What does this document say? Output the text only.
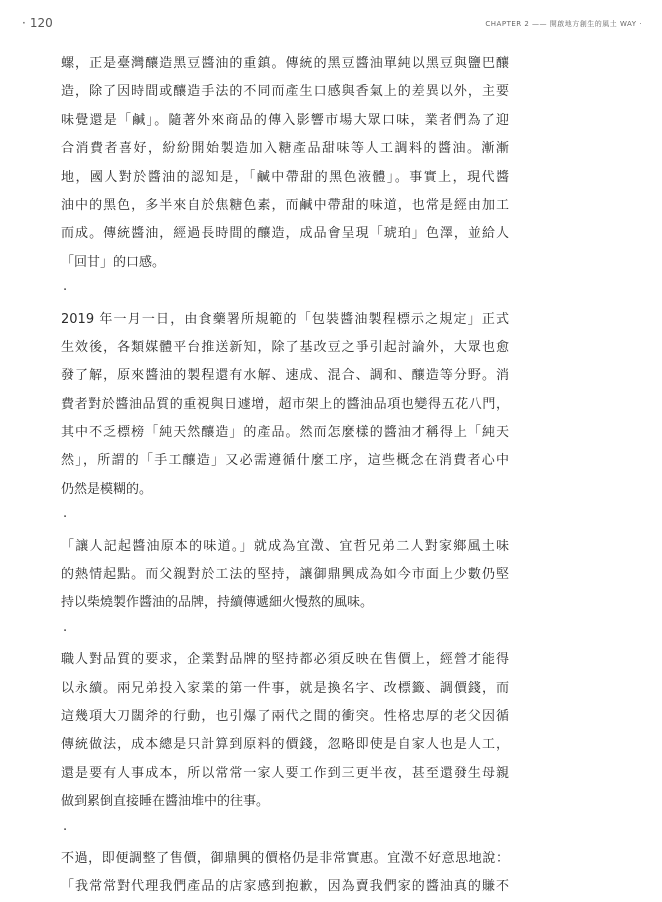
· 120	CHAPTER 2 —— 開啟地方創生的風土 WAY ·
螺，正是臺灣釀造黑豆醬油的重鎮。傳統的黑豆醬油單純以黑豆與鹽巴釀
造，除了因時間或釀造手法的不同而產生口感與香氣上的差異以外，主要
味覺還是「鹹」。隨著外來商品的傳入影響市場大眾口味，業者們為了迎
合消費者喜好，紛紛開始製造加入糖產品甜味等人工調料的醬油。漸漸
地，國人對於醬油的認知是，「鹹中帶甜的黑色液體」。事實上，現代醬
油中的黑色，多半來自於焦糖色素，而鹹中帶甜的味道，也常是經由加工
而成。傳統醬油，經過長時間的釀造，成品會呈現「琥珀」色澤，並給人
「回甘」的口感。
·
2019 年一月一日，由食藥署所規範的「包裝醬油製程標示之規定」正式
生效後，各類媒體平台推送新知，除了基改豆之爭引起討論外，大眾也愈
發了解，原來醬油的製程還有水解、速成、混合、調和、釀造等分野。消
費者對於醬油品質的重視與日遽增，超市架上的醬油品項也變得五花八門，
其中不乏標榜「純天然釀造」的產品。然而怎麼樣的醬油才稱得上「純天
然」，所謂的「手工釀造」又必需遵循什麼工序，這些概念在消費者心中
仍然是模糊的。
·
「讓人記起醬油原本的味道。」就成為宜澂、宜哲兄弟二人對家鄉風土味
的熱情起點。而父親對於工法的堅持，讓御鼎興成為如今市面上少數仍堅
持以柴燒製作醬油的品牌，持續傳遞細火慢熬的風味。
·
職人對品質的要求，企業對品牌的堅持都必須反映在售價上，經營才能得
以永續。兩兄弟投入家業的第一件事，就是換名字、改標籤、調價錢，而
這幾項大刀闊斧的行動，也引爆了兩代之間的衝突。性格忠厚的老父因循
傳統做法，成本總是只計算到原料的價錢，忽略即使是自家人也是人工，
還是要有人事成本，所以常常一家人要工作到三更半夜，甚至還發生母親
做到累倒直接睡在醬油堆中的往事。
·
不過，即便調整了售價，御鼎興的價格仍是非常實惠。宜澂不好意思地說：
「我常常對代理我們產品的店家感到抱歉，因為賣我們家的醬油真的賺不
